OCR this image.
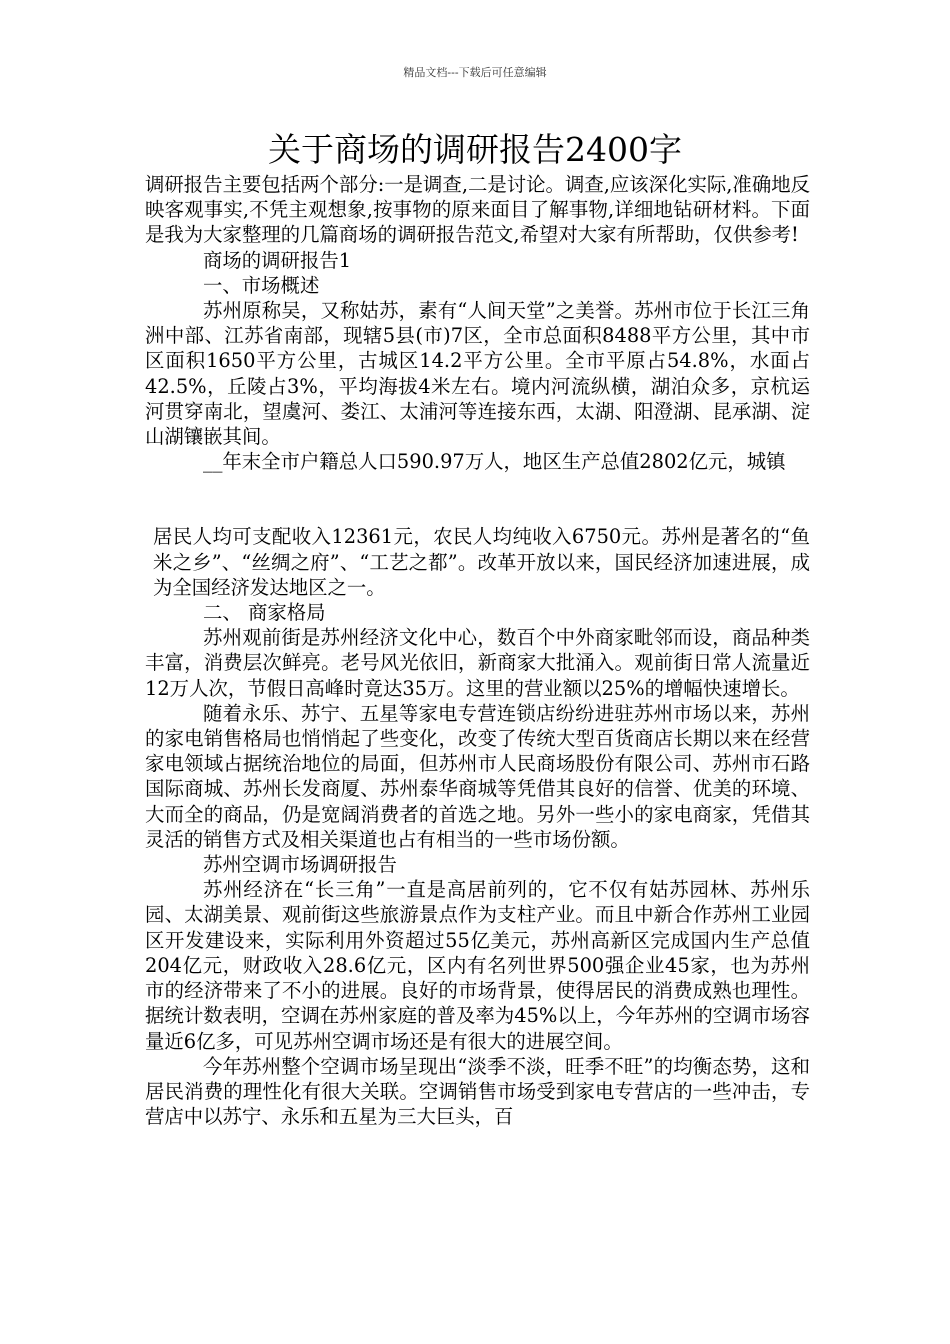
精品文档---下载后可任意编辑
关于商场的调研报告2400字

调研报告主要包括两个部分:一是调查,二是讨论。调查,应该深化实际,准确地反映客观事实,不凭主观想象,按事物的原来面目了解事物,详细地钻研材料。下面是我为大家整理的几篇商场的调研报告范文,希望对大家有所帮助，仅供参考!

商场的调研报告1

一、市场概述

苏州原称吴，又称姑苏，素有“人间天堂”之美誉。苏州市位于长江三角洲中部、江苏省南部，现辖5县(市)7区，全市总面积8488平方公里，其中市区面积1650平方公里，古城区14.2平方公里。全市平原占54.8%，水面占42.5%，丘陵占3%，平均海拔4米左右。境内河流纵横，湖泊众多，京杭运河贯穿南北，望虞河、娄江、太浦河等连接东西，太湖、阳澄湖、昆承湖、淀山湖镶嵌其间。

__年末全市户籍总人口590.97万人，地区生产总值2802亿元，城镇

居民人均可支配收入12361元，农民人均纯收入6750元。苏州是著名的“鱼米之乡”、“丝绸之府”、“工艺之都”。改革开放以来，国民经济加速进展，成为全国经济发达地区之一。

二、 商家格局

苏州观前街是苏州经济文化中心，数百个中外商家毗邻而设，商品种类丰富，消费层次鲜亮。老号风光依旧，新商家大批涌入。观前街日常人流量近12万人次，节假日高峰时竟达35万。这里的营业额以25%的增幅快速增长。

随着永乐、苏宁、五星等家电专营连锁店纷纷进驻苏州市场以来，苏州的家电销售格局也悄悄起了些变化，改变了传统大型百货商店长期以来在经营家电领域占据统治地位的局面，但苏州市人民商场股份有限公司、苏州市石路国际商城、苏州长发商厦、苏州泰华商城等凭借其良好的信誉、优美的环境、大而全的商品，仍是宽阔消费者的首选之地。另外一些小的家电商家，凭借其灵活的销售方式及相关渠道也占有相当的一些市场份额。

苏州空调市场调研报告

苏州经济在“长三角”一直是高居前列的，它不仅有姑苏园林、苏州乐园、太湖美景、观前街这些旅游景点作为支柱产业。而且中新合作苏州工业园区开发建设来，实际利用外资超过55亿美元，苏州高新区完成国内生产总值204亿元，财政收入28.6亿元，区内有名列世界500强企业45家，也为苏州市的经济带来了不小的进展。良好的市场背景，使得居民的消费成熟也理性。据统计数表明，空调在苏州家庭的普及率为45%以上，今年苏州的空调市场容量近6亿多，可见苏州空调市场还是有很大的进展空间。

今年苏州整个空调市场呈现出“淡季不淡，旺季不旺”的均衡态势，这和居民消费的理性化有很大关联。空调销售市场受到家电专营店的一些冲击，专营店中以苏宁、永乐和五星为三大巨头，百
